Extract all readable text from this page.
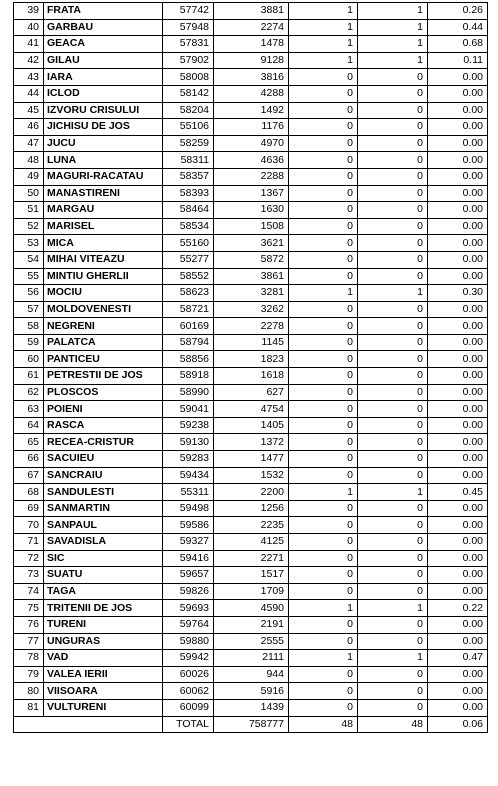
39	FRATA	57742	3881	1	1	0.26
40	GARBAU	57948	2274	1	1	0.44
41	GEACA	57831	1478	1	1	0.68
42	GILAU	57902	9128	1	1	0.11
43	IARA	58008	3816	0	0	0.00
44	ICLOD	58142	4288	0	0	0.00
45	IZVORU CRISULUI	58204	1492	0	0	0.00
46	JICHISU DE JOS	55106	1176	0	0	0.00
47	JUCU	58259	4970	0	0	0.00
48	LUNA	58311	4636	0	0	0.00
49	MAGURI-RACATAU	58357	2288	0	0	0.00
50	MANASTIRENI	58393	1367	0	0	0.00
51	MARGAU	58464	1630	0	0	0.00
52	MARISEL	58534	1508	0	0	0.00
53	MICA	55160	3621	0	0	0.00
54	MIHAI VITEAZU	55277	5872	0	0	0.00
55	MINTIU GHERLII	58552	3861	0	0	0.00
56	MOCIU	58623	3281	1	1	0.30
57	MOLDOVENESTI	58721	3262	0	0	0.00
58	NEGRENI	60169	2278	0	0	0.00
59	PALATCA	58794	1145	0	0	0.00
60	PANTICEU	58856	1823	0	0	0.00
61	PETRESTII DE JOS	58918	1618	0	0	0.00
62	PLOSCOS	58990	627	0	0	0.00
63	POIENI	59041	4754	0	0	0.00
64	RASCA	59238	1405	0	0	0.00
65	RECEA-CRISTUR	59130	1372	0	0	0.00
66	SACUIEU	59283	1477	0	0	0.00
67	SANCRAIU	59434	1532	0	0	0.00
68	SANDULESTI	55311	2200	1	1	0.45
69	SANMARTIN	59498	1256	0	0	0.00
70	SANPAUL	59586	2235	0	0	0.00
71	SAVADISLA	59327	4125	0	0	0.00
72	SIC	59416	2271	0	0	0.00
73	SUATU	59657	1517	0	0	0.00
74	TAGA	59826	1709	0	0	0.00
75	TRITENII DE JOS	59693	4590	1	1	0.22
76	TURENI	59764	2191	0	0	0.00
77	UNGURAS	59880	2555	0	0	0.00
78	VAD	59942	2111	1	1	0.47
79	VALEA IERII	60026	944	0	0	0.00
80	VIISOARA	60062	5916	0	0	0.00
81	VULTURENI	60099	1439	0	0	0.00
		TOTAL	758777	48	48	0.06
